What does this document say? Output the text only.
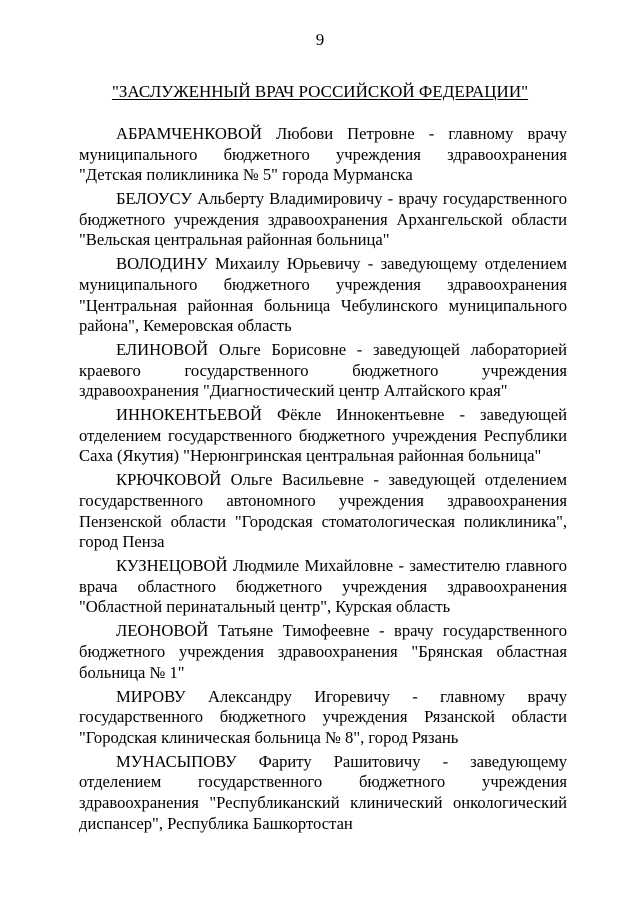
9
"ЗАСЛУЖЕННЫЙ ВРАЧ РОССИЙСКОЙ ФЕДЕРАЦИИ"

АБРАМЧЕНКОВОЙ Любови Петровне - главному врачу муниципального бюджетного учреждения здравоохранения "Детская поликлиника № 5" города Мурманска

БЕЛОУСУ Альберту Владимировичу - врачу государственного бюджетного учреждения здравоохранения Архангельской области "Вельская центральная районная больница"

ВОЛОДИНУ Михаилу Юрьевичу - заведующему отделением муниципального бюджетного учреждения здравоохранения "Центральная районная больница Чебулинского муниципального района", Кемеровская область

ЕЛИНОВОЙ Ольге Борисовне - заведующей лабораторией краевого государственного бюджетного учреждения здравоохранения "Диагностический центр Алтайского края"

ИННОКЕНТЬЕВОЙ Фёкле Иннокентьевне - заведующей отделением государственного бюджетного учреждения Республики Саха (Якутия) "Нерюнгринская центральная районная больница"

КРЮЧКОВОЙ Ольге Васильевне - заведующей отделением государственного автономного учреждения здравоохранения Пензенской области "Городская стоматологическая поликлиника", город Пенза

КУЗНЕЦОВОЙ Людмиле Михайловне - заместителю главного врача областного бюджетного учреждения здравоохранения "Областной перинатальный центр", Курская область

ЛЕОНОВОЙ Татьяне Тимофеевне - врачу государственного бюджетного учреждения здравоохранения "Брянская областная больница № 1"

МИРОВУ Александру Игоревичу - главному врачу государственного бюджетного учреждения Рязанской области "Городская клиническая больница № 8", город Рязань

МУНАСЫПОВУ Фариту Рашитовичу - заведующему отделением государственного бюджетного учреждения здравоохранения "Республиканский клинический онкологический диспансер", Республика Башкортостан
